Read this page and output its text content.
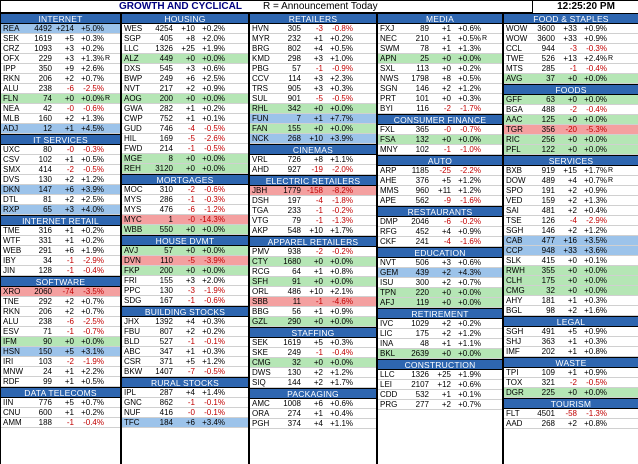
GROWTH AND CYCLICAL R = Announcement Today	12:25:20 PM
INTERNET
REA	4492 +214 +5.0%
SEK	1619	+5 +0.3%
CRZ	1093	+3 +0.2%
OFX	229	+3 +1.3% R
IPP	350	+9 +2.6%
RKN	206	+2 +0.7%
ALU	238	-6	-2.5%
FLN	74	+0 +0.0% R
NEA	42	-0	-0.6%
MLB	160	+2 +1.3%
ADJ	12	+1 +4.5%
IT SERVICES
UXC	80	-0	-0.3%
CSV	102	+1 +0.5%
SMX	414	-2	-0.5%
DVS	130	+2 +1.2%
DKN	147	+6 +3.9%
DTL	81	+2 +2.5%
RXP	65	+3 +4.0%
INTERNET RETAIL
TME	316	+1 +0.2%
WTF	331	+1 +0.2%
WEB	291	+6 +1.9%
IBY	34	-1	-2.9%
JIN	128	-1	-0.4%
SOFTWARE
XRO	2060	-74	-3.5%
TNE	292	+2 +0.7%
RKN	206	+2 +0.7%
ALU	238	-6	-2.5%
ESV	71	-1	-0.7%
IFM	90	+0 +0.0%
HSN	150	+5 +3.1%
IRI	103	-2	-1.9%
MNW	24	+1 +2.2%
RDF	99	+1 +0.5%
DATA TELECOMS
IIN	776	+5 +0.7%
CNU	600	+1 +0.2%
AMM	188	-1	-0.4%
HOUSING
WES	4254	+10 +0.2%
SGP	405	+8 +2.0%
LLC	1326	+25 +1.9%
ALZ	449	+0 +0.0%
DXS	545	+3 +0.6%
BWP	249	+6 +2.5%
NVT	217	+2 +0.9%
AOG	200	+0 +0.0%
GWA	282	+1 +0.2%
CWP	752	+1 +0.1%
GUD	746	-4	-0.5%
HIL	169	-5	-2.6%
FWD	214	-1	-0.5%
MGE	8	+0 +0.0%
REH	3120	+0 +0.0%
MORTGAGES
MOC	310	-2	-0.6%
MYS	286	-1	-0.3%
MYS	476	-6	-1.2%
MYC	1	-0 -14.3%
WBB	550	+0 +0.0%
HOUSE DVMT
AVJ	57	+0 +0.0%
DVN	110	-5	-3.9%
FKP	200	+0 +0.0%
FRI	155	+3 +2.0%
PPC	130	-3	-1.9%
SDG	167	-1	-0.6%
BUILDING STOCKS
JHX	1392	+4 +0.3%
FBU	807	+2 +0.2%
BLD	527	-1	-0.1%
ABC	347	+1 +0.3%
CSR	371	+5 +1.2%
BKW	1407	-7	-0.5%
RURAL STOCKS
IPL	287	+4 +1.4%
GNC	862	-1	-0.1%
NUF	416	-0	-0.1%
TFC	184	+6 +3.4%
RETAILERS
HVN	305	-3	-0.8%
MYR	232	+1 +0.2%
BRG	802	+4 +0.5%
KMD	298	+3 +1.0%
PBG	57	-1	-0.9%
CCV	114	+3 +2.3%
TRS	905	+3 +0.3%
SUL	901	-5	-0.5%
RHL	342	+0 +0.0%
FUN	7	+1 +7.7%
FAN	155	+0 +0.0%
NCK	268	+10 +3.9%
CINEMAS
VRL	726	+8 +1.1%
AHD	927	-19	-2.0%
ELECTRIC RETAILERS
JBH	1779 -158	-8.2%
DSH	197	-4	-1.8%
TGA	233	-1	-0.2%
VTG	79	-1	-1.3%
AKP	548	+10 +1.7%
APPAREL RETAILERS
PMV	938	-2	-0.2%
CTY	1680	+0 +0.0%
RCG	64	+1 +0.8%
SFH	91	+0 +0.0%
ORL	486	+10 +2.1%
SBB	11	-1	-4.6%
BBG	56	+1 +0.9%
GZL	290	+0 +0.0%
STAFFING
SEK	1619	+5 +0.3%
SKE	249	-1	-0.4%
CMG	32	+0 +0.0%
DWS	130	+2 +1.2%
SIQ	144	+2 +1.7%
PACKAGING
AMC	1008	+6 +0.6%
ORA	274	+1 +0.4%
PGH	374	+4 +1.1%
MEDIA
FXJ	89	+1 +0.6%
NEC	210	+1 +0.5% R
SWM	78	+1 +1.3%
APN	25	+0 +0.0%
SXL	113	+0 +0.2%
NWS	1798	+8 +0.5%
SGN	146	+2 +1.2%
PRT	101	+0 +0.3%
BYI	116	-2	-1.7%
CONSUMER FINANCE
FXL	365	-0	-0.7%
FSA	132	+0 +0.0%
MNY	102	-1	-1.0%
AUTO
ARP	1185	-25	-2.2%
AHE	376	+5 +1.2%
MMS	960	+11 +1.2%
APE	562	-9	-1.6%
RESTAURANTS
DMP	2046	-6	-0.2%
RFG	452	+4 +0.9%
CKF	241	-4	-1.6%
EDUCATION
NVT	506	+3 +0.6%
GEM	439	+2 +4.3%
ISU	300	+2 +0.7%
TPN	220	+0 +0.0%
AFJ	119	+0 +0.0%
RETIREMENT
IVC	1029	+2 +0.2%
LIC	175	+2 +1.2%
INA	48	+1 +1.1%
BKL	2639	+0 +0.0%
CONSTRUCTION
LLC	1326	+25 +1.9%
LEI	2107	+12 +0.6%
CDD	532	+1 +0.1%
PRG	277	+2 +0.7%
FOOD & STAPLES
WOW	3600	+33 +0.9%
WOW	3600	+33 +0.9%
CCL	944	-3	-0.3%
TWE	526	+13 +2.4% R
MTS	285	-1	-0.4%
AVG	37	+0 +0.0%
FOODS
GFF	63	+0 +0.0%
BGA	488	-2	-0.4%
AAC	125	+0 +0.0%
TGR	356	-20	-5.3%
RIC	256	+0 +0.0%
PFL	122	+0 +0.0%
SERVICES
BXB	919	+15 +1.7% R
DOW	489	+4 +0.7% R
SPO	191	+2 +0.9%
VED	159	+2 +1.3%
SAI	481	+2 +0.4%
TSE	126	-4	-2.9%
SGH	146	+2 +1.2%
CAB	477	+16 +3.5%
CCP	948	+33 +3.6%
SLK	415	+0 +0.1%
RWH	355	+0 +0.0%
CLH	175	+0 +0.0%
CMG	32	+0 +0.0%
AHY	181	+1 +0.3%
BGL	98	+2 +1.6%
LEGAL
SGH	491	+5 +0.9%
SHJ	363	+1 +0.3%
IMF	202	+1 +0.8%
WASTE
TPI	109	+1 +0.9%
TOX	321	-2	-0.5%
DGR	225	+0 +0.0%
TOURISM
FLT	4501	-58	-1.3%
AAD	268	+2 +0.8%
